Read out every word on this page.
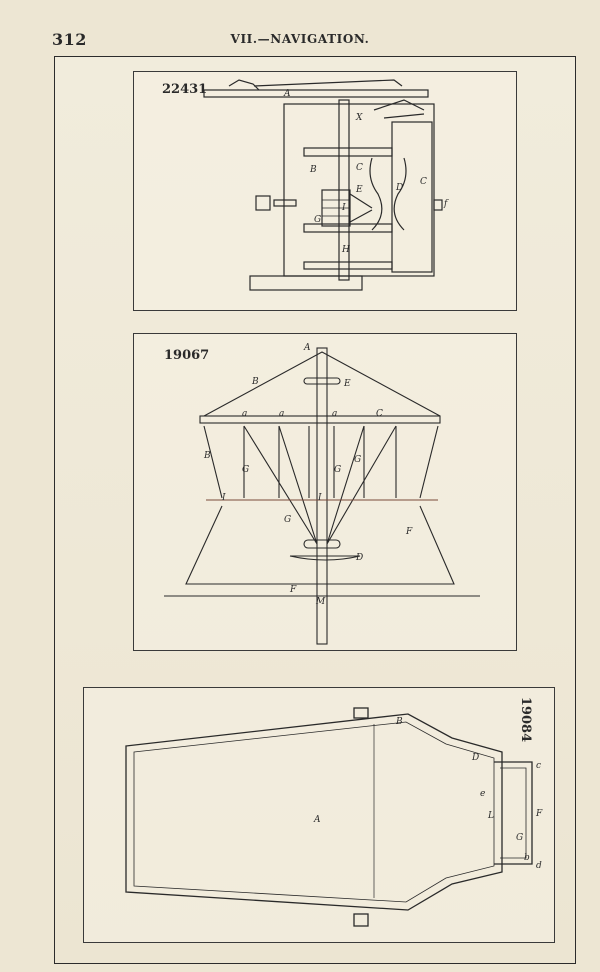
312	VII.—NAVIGATION.
22431	A
X
B	C
E	D
C
I
G
H
f
19067	A
B	E
a	a	a	C
B
G	G
G
I	I
G
F
D
F
M
19084
A
B
D
e
L	F
G
c
d
b
